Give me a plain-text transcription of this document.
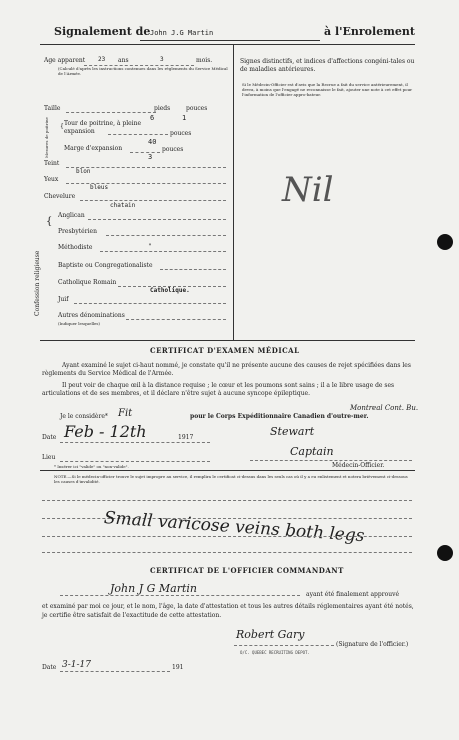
Signalement de John J.G Martin	à l'Enrolement
Age apparent 23 ans	3	mois.
(Calculé d'après les instructions contenues dans les règlements du Service Médical de l'Armée.
Taille	pieds	pouces
6	1
Mesures de poitrine { Tour de poitrine, à pleine expansion	pouces
40
Marge d'expansion	pouces
3
Teint
blon
Yeux
bleus
Chevelure
chatain
Confession religieuse
{
Anglican
Presbytérien
Méthodiste	"
Baptiste ou Congregationaliste
Catholique Romain
Catholique.
Juif
Autres dénominations
(Indiquer lesquelles)
Signes distinctifs, et indices d'affections congéni-tales ou de maladies antérieures.
Si le Médecin-Officier est d'avis que la Recrue a fait du service antérieurement, il devra, à moins que l'engagé ne reconnaisse le fait, ajouter une note à cet effet pour l'information de l'officier appro-bateur.
Nil
CERTIFICAT D'EXAMEN MÉDICAL
Ayant examiné le sujet ci-haut nommé, je constate qu'il ne présente aucune des causes de rejet spécifiées dans les règlements du Service Médical de l'Armée.
Il peut voir de chaque œil à la distance requise ; le cœur et les poumons sont sains ; il a le libre usage de ses articulations et de ses membres, et il déclare n'être sujet à aucune syncope épileptique.
Je le considère* Fit	pour le Corps Expéditionnaire Canadien d'outre-mer.
Montreal Cont. Bu.
Date Feb - 12th	1917	Stewart
Captain
Lieu
Médecin-Officier.
* Insérer ici "valide" ou "non-valide".
NOTE.—Si le médecin-officier trouve le sujet impropre au service, il remplira le certificat ci-dessus dans les seuls cas où il y a eu enlistement et notera brièvement ci-dessous les causes d'invalidité.
Small varicose veins both legs
CERTIFICAT DE L'OFFICIER COMMANDANT
John J G Martin	ayant été finalement approuvé
et examiné par moi ce jour, et le nom, l'âge, la date d'attestation et tous les autres détails réglementaires ayant été notés, je certifie être satisfait de l'exactitude de cette attestation.
Robert Gary
(Signature de l'officier.)
O/C. QUEBEC RECRUITING DEPOT.
Date 3-1-17	191
